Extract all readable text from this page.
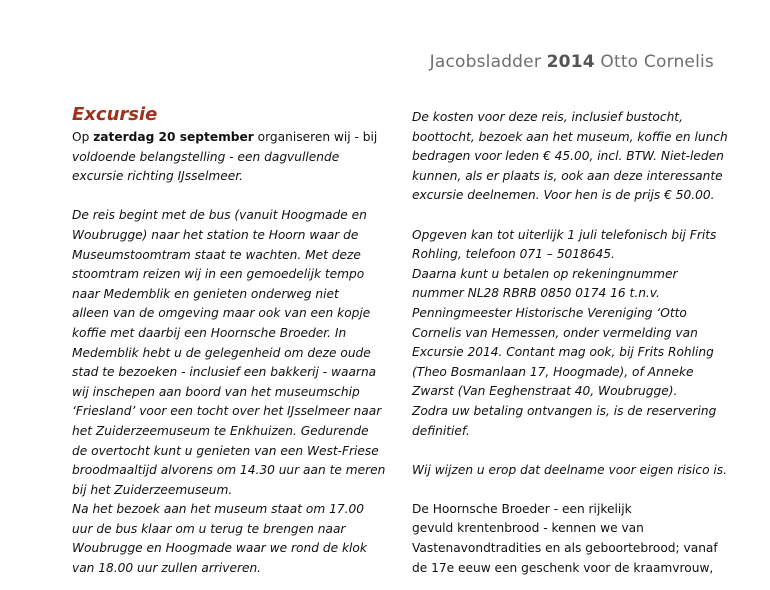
Jacobsladder 2014 Otto Cornelis
Excursie
Op zaterdag 20 september organiseren wij - bij
voldoende belangstelling - een dagvullende
excursie richting IJsselmeer.
De reis begint met de bus (vanuit Hoogmade en
Woubrugge) naar het station te Hoorn waar de
Museumstoomtram staat te wachten. Met deze
stoomtram reizen wij in een gemoedelijk tempo
naar Medemblik en genieten onderweg niet
alleen van de omgeving maar ook van een kopje
koffie met daarbij een Hoornsche Broeder. In
Medemblik hebt u de gelegenheid om deze oude
stad te bezoeken - inclusief een bakkerij - waarna
wij inschepen aan boord van het museumschip
‘Friesland’ voor een tocht over het IJsselmeer naar
het Zuiderzeemuseum te Enkhuizen. Gedurende
de overtocht kunt u genieten van een West-Friese
broodmaaltijd alvorens om 14.30 uur aan te meren
bij het Zuiderzeemuseum.
Na het bezoek aan het museum staat om 17.00
uur de bus klaar om u terug te brengen naar
Woubrugge en Hoogmade waar we rond de klok
van 18.00 uur zullen arriveren.
De kosten voor deze reis, inclusief bustocht,
boottocht, bezoek aan het museum, koffie en lunch
bedragen voor leden € 45.00, incl. BTW. Niet-leden
kunnen, als er plaats is, ook aan deze interessante
excursie deelnemen. Voor hen is de prijs € 50.00.
Opgeven kan tot uiterlijk 1 juli telefonisch bij Frits
Rohling, telefoon 071 – 5018645.
Daarna kunt u betalen op rekeningnummer
nummer NL28 RBRB 0850 0174 16 t.n.v.
Penningmeester Historische Vereniging ‘Otto
Cornelis van Hemessen, onder vermelding van
Excursie 2014. Contant mag ook, bij Frits Rohling
(Theo Bosmanlaan 17, Hoogmade), of Anneke
Zwarst (Van Eeghenstraat 40, Woubrugge).
Zodra uw betaling ontvangen is, is de reservering
definitief.
Wij wijzen u erop dat deelname voor eigen risico is.
De Hoornsche Broeder - een rijkelijk
gevuld krentenbrood - kennen we van
Vastenavondtradities en als geboortebrood; vanaf
de 17e eeuw een geschenk voor de kraamvrouw,
